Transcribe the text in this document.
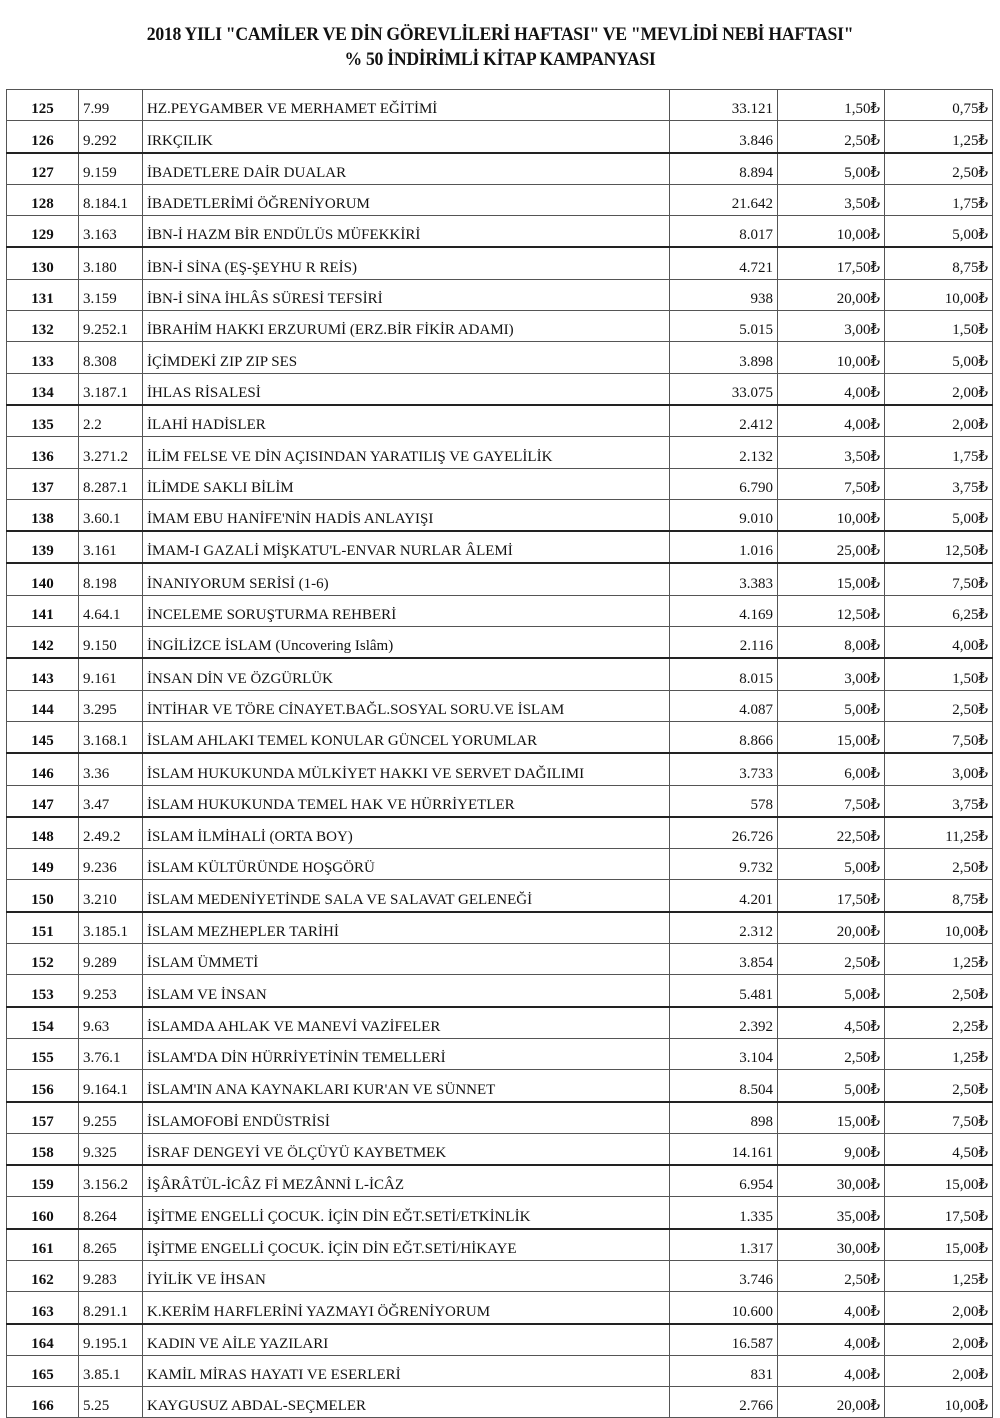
2018 YILI "CAMİLER VE DİN GÖREVLİLERİ HAFTASI" VE "MEVLİDİ NEBİ HAFTASI"
% 50 İNDİRİMLİ KİTAP KAMPANYASI
125	7.99	HZ.PEYGAMBER VE MERHAMET EĞİTİMİ	33.121	1,50₺	0,75₺
126	9.292	IRKÇILIK	3.846	2,50₺	1,25₺
127	9.159	İBADETLERE DAİR DUALAR	8.894	5,00₺	2,50₺
128	8.184.1	İBADETLERİMİ ÖĞRENİYORUM	21.642	3,50₺	1,75₺
129	3.163	İBN-İ HAZM BİR ENDÜLÜS MÜFEKKİRİ	8.017	10,00₺	5,00₺
130	3.180	İBN-İ SİNA (EŞ-ŞEYHU R REİS)	4.721	17,50₺	8,75₺
131	3.159	İBN-İ SİNA İHLÂS SÜRESİ TEFSİRİ	938	20,00₺	10,00₺
132	9.252.1	İBRAHİM HAKKI ERZURUMİ (ERZ.BİR FİKİR ADAMI)	5.015	3,00₺	1,50₺
133	8.308	İÇİMDEKİ ZIP ZIP SES	3.898	10,00₺	5,00₺
134	3.187.1	İHLAS RİSALESİ	33.075	4,00₺	2,00₺
135	2.2	İLAHİ HADİSLER	2.412	4,00₺	2,00₺
136	3.271.2	İLİM FELSE VE DİN AÇISINDAN YARATILIŞ VE GAYELİLİK	2.132	3,50₺	1,75₺
137	8.287.1	İLİMDE SAKLI BİLİM	6.790	7,50₺	3,75₺
138	3.60.1	İMAM EBU HANİFE'NİN HADİS ANLAYIŞI	9.010	10,00₺	5,00₺
139	3.161	İMAM-I GAZALİ MİŞKATU'L-ENVAR NURLAR ÂLEMİ	1.016	25,00₺	12,50₺
140	8.198	İNANIYORUM SERİSİ (1-6)	3.383	15,00₺	7,50₺
141	4.64.1	İNCELEME SORUŞTURMA REHBERİ	4.169	12,50₺	6,25₺
142	9.150	İNGİLİZCE İSLAM (Uncovering Islâm)	2.116	8,00₺	4,00₺
143	9.161	İNSAN DİN VE ÖZGÜRLÜK	8.015	3,00₺	1,50₺
144	3.295	İNTİHAR VE TÖRE CİNAYET.BAĞL.SOSYAL SORU.VE İSLAM	4.087	5,00₺	2,50₺
145	3.168.1	İSLAM AHLAKI TEMEL KONULAR GÜNCEL YORUMLAR	8.866	15,00₺	7,50₺
146	3.36	İSLAM HUKUKUNDA MÜLKİYET HAKKI VE SERVET DAĞILIMI	3.733	6,00₺	3,00₺
147	3.47	İSLAM HUKUKUNDA TEMEL HAK VE HÜRRİYETLER	578	7,50₺	3,75₺
148	2.49.2	İSLAM İLMİHALİ (ORTA BOY)	26.726	22,50₺	11,25₺
149	9.236	İSLAM KÜLTÜRÜNDE HOŞGÖRÜ	9.732	5,00₺	2,50₺
150	3.210	İSLAM MEDENİYETİNDE SALA VE SALAVAT GELENEĞİ	4.201	17,50₺	8,75₺
151	3.185.1	İSLAM MEZHEPLER TARİHİ	2.312	20,00₺	10,00₺
152	9.289	İSLAM ÜMMETİ	3.854	2,50₺	1,25₺
153	9.253	İSLAM VE İNSAN	5.481	5,00₺	2,50₺
154	9.63	İSLAMDA AHLAK VE MANEVİ VAZİFELER	2.392	4,50₺	2,25₺
155	3.76.1	İSLAM'DA DİN HÜRRİYETİNİN TEMELLERİ	3.104	2,50₺	1,25₺
156	9.164.1	İSLAM'IN ANA KAYNAKLARI KUR'AN VE SÜNNET	8.504	5,00₺	2,50₺
157	9.255	İSLAMOFOBİ ENDÜSTRİSİ	898	15,00₺	7,50₺
158	9.325	İSRAF DENGEYİ VE ÖLÇÜYÜ KAYBETMEK	14.161	9,00₺	4,50₺
159	3.156.2	İŞÂRÂTÜL-İCÂZ Fİ MEZÂNNİ L-İCÂZ	6.954	30,00₺	15,00₺
160	8.264	İŞİTME ENGELLİ ÇOCUK. İÇİN DİN EĞT.SETİ/ETKİNLİK	1.335	35,00₺	17,50₺
161	8.265	İŞİTME ENGELLİ ÇOCUK. İÇİN DİN EĞT.SETİ/HİKAYE	1.317	30,00₺	15,00₺
162	9.283	İYİLİK VE İHSAN	3.746	2,50₺	1,25₺
163	8.291.1	K.KERİM HARFLERİNİ YAZMAYI ÖĞRENİYORUM	10.600	4,00₺	2,00₺
164	9.195.1	KADIN VE AİLE YAZILARI	16.587	4,00₺	2,00₺
165	3.85.1	KAMİL MİRAS HAYATI VE ESERLERİ	831	4,00₺	2,00₺
166	5.25	KAYGUSUZ ABDAL-SEÇMELER	2.766	20,00₺	10,00₺
